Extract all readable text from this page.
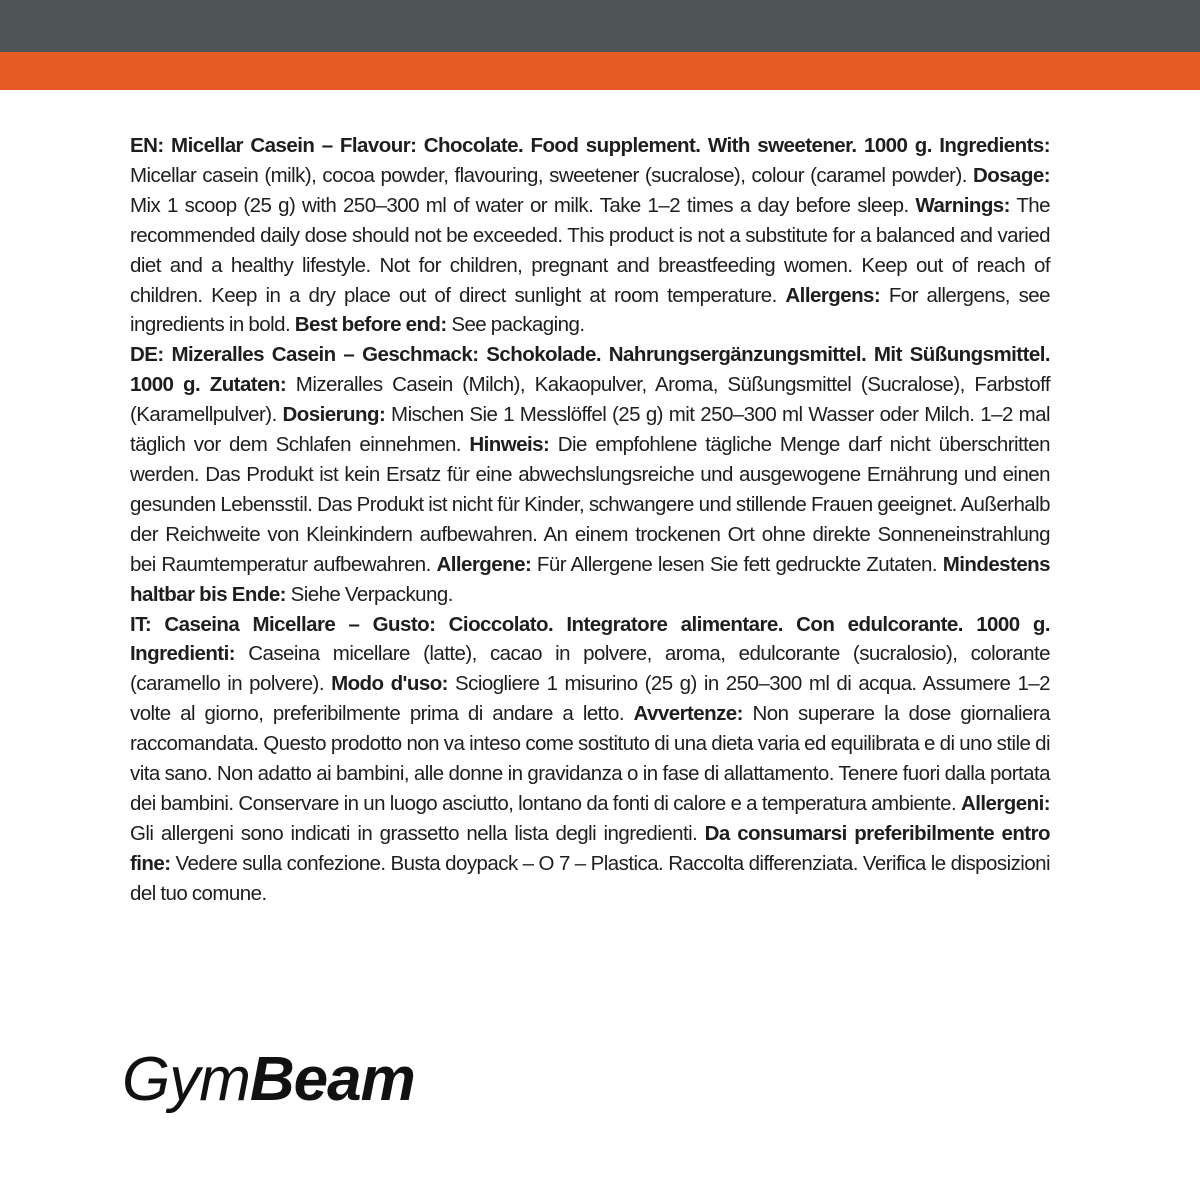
EN: Micellar Casein – Flavour: Chocolate. Food supplement. With sweetener. 1000 g. Ingredients: Micellar casein (milk), cocoa powder, flavouring, sweetener (sucralose), colour (caramel powder). Dosage: Mix 1 scoop (25 g) with 250–300 ml of water or milk. Take 1–2 times a day before sleep. Warnings: The recommended daily dose should not be exceeded. This product is not a substitute for a balanced and varied diet and a healthy lifestyle. Not for children, pregnant and breastfeeding women. Keep out of reach of children. Keep in a dry place out of direct sunlight at room temperature. Allergens: For allergens, see ingredients in bold. Best before end: See packaging.

DE: Mizeralles Casein – Geschmack: Schokolade. Nahrungsergänzungsmittel. Mit Süßungsmittel. 1000 g. Zutaten: Mizeralles Casein (Milch), Kakaopulver, Aroma, Süßungsmittel (Sucralose), Farbstoff (Karamellpulver). Dosierung: Mischen Sie 1 Messlöffel (25 g) mit 250–300 ml Wasser oder Milch. 1–2 mal täglich vor dem Schlafen einnehmen. Hinweis: Die empfohlene tägliche Menge darf nicht überschritten werden. Das Produkt ist kein Ersatz für eine abwechslungsreiche und ausgewogene Ernährung und einen gesunden Lebensstil. Das Produkt ist nicht für Kinder, schwangere und stillende Frauen geeignet. Außerhalb der Reichweite von Kleinkindern aufbewahren. An einem trockenen Ort ohne direkte Sonneneinstrahlung bei Raumtemperatur aufbewahren. Allergene: Für Allergene lesen Sie fett gedruckte Zutaten. Mindestens haltbar bis Ende: Siehe Verpackung.

IT: Caseina Micellare – Gusto: Cioccolato. Integratore alimentare. Con edulcorante. 1000 g. Ingredienti: Caseina micellare (latte), cacao in polvere, aroma, edulcorante (sucralosio), colorante (caramello in polvere). Modo d'uso: Sciogliere 1 misurino (25 g) in 250–300 ml di acqua. Assumere 1–2 volte al giorno, preferibilmente prima di andare a letto. Avvertenze: Non superare la dose giornaliera raccomandata. Questo prodotto non va inteso come sostituto di una dieta varia ed equilibrata e di uno stile di vita sano. Non adatto ai bambini, alle donne in gravidanza o in fase di allattamento. Tenere fuori dalla portata dei bambini. Conservare in un luogo asciutto, lontano da fonti di calore e a temperatura ambiente. Allergeni: Gli allergeni sono indicati in grassetto nella lista degli ingredienti. Da consumarsi preferibilmente entro fine: Vedere sulla confezione. Busta doypack – O 7 – Plastica. Raccolta differenziata. Verifica le disposizioni del tuo comune.

GymBeam
